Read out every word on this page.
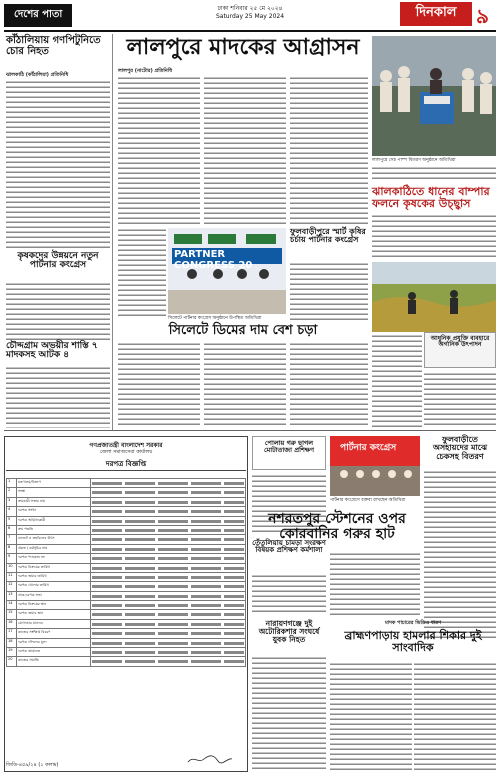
দেশের পাতা
ঢাকা শনিবার ২৫ মে ২০২৪
Saturday 25 May 2024	দিনকাল ৯
কাঁঠালিয়ায় গণপিটুনিতে চোর নিহত
ঝালকাঠি (কাঁঠালিয়া) প্রতিনিধি
লালপুরে মাদকের আগ্রাসন
লালপুর (নাটোর) প্রতিনিধি
লালপুরে সেচ পাম্প বিতরণ অনুষ্ঠানে অতিথিরা
ফুলবাড়ীপুরে স্মার্ট কৃষির চর্চায় পার্টনার কংগ্রেস
ঝালকাঠিতে ধানের বাম্পার ফলনে কৃষকের উচ্ছ্বাস
আধুনিক প্রযুক্তি ব্যবহারে অর্গানিক উৎপাদন
কৃষকদের উন্নয়নে নতুন পার্টনার কংগ্রেস
চৌদ্দগ্রাম অভয়ীর শাস্তি ৭ মাদকসহ আটক ৪
PARTNER CONGRESS 20
সিলেটে পার্টনার কংগ্রেস অনুষ্ঠানে উপস্থিত অতিথিরা
সিলেটে ডিমের দাম বেশ চড়া
গণপ্রজাতন্ত্রী বাংলাদেশ সরকার
জেলা সমাজসেবা কার্যালয়
দরপত্র বিজ্ঞপ্তি
1	মন্ত্রণালয়/বিভাগ	

2	সংস্থা	

3	ক্রয়কারী সত্তার নাম	

4	দরপত্র সংখ্যা	

5	দরপত্র আহ্বানকারী	

6	ক্রয় পদ্ধতি	

7	বাজেট ও তহবিলের উৎস	

8	প্রকল্প / কর্মসূচির নাম	

9	দরপত্র প্যাকেজ নং	

10	দরপত্র বিক্রয়ের তারিখ	

11	দরপত্র জমার তারিখ	

12	দরপত্র খোলার তারিখ	

13	প্রাক-দরপত্র সভা	

14	দরপত্র বিক্রয়ের স্থান	

15	দরপত্র জমার স্থান	

16	যোগ্যতার মানদণ্ড	

17	কাজের সংক্ষিপ্ত বিবরণ	

18	দরপত্র দলিলের মূল্য	

19	দরপত্র জামানত	

20	কাজের সমাপ্তি	
জিডি-৪৫৯/২৪ (১ কলাম)
পোলায় গরু ছাগল মোটাতাজা প্রশিক্ষণ	পার্টনার কংগ্রেস
পার্টনার কংগ্রেসে বক্তব্য রাখছেন অতিথিরা
ফুলবাড়ীতে অসহায়দের মাঝে চেকসহ বিতরণ
নশরতপুর স্টেশনের ওপর কোরবানির গরুর হাট
তেঁতুলিয়ায় চামড়া সংরক্ষণ বিষয়ক প্রশিক্ষণ কর্মশালা
নারায়ণগঞ্জে দুই অটোরিকশার সংঘর্ষে যুবক নিহত
মাদক পাচারের ভিডিও ধারণ
ব্রাহ্মণপাড়ায় হামলার শিকার দুই সাংবাদিক
